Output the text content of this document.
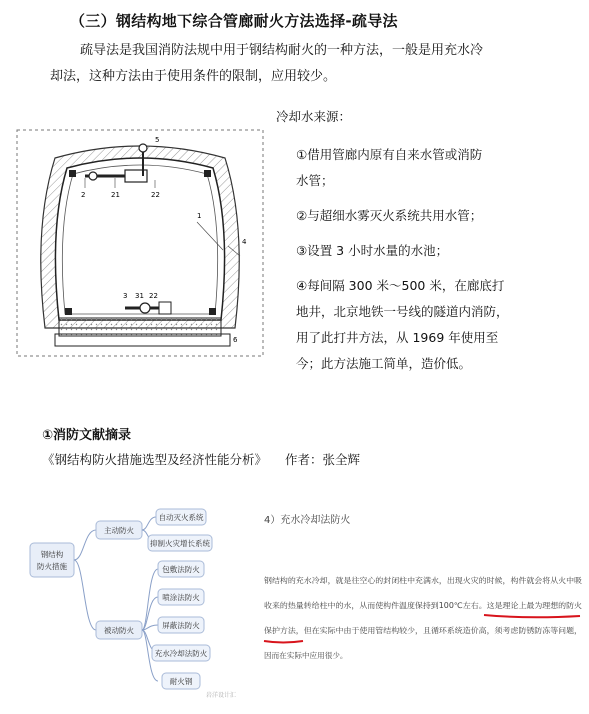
（三）钢结构地下综合管廊耐火方法选择-疏导法
疏导法是我国消防法规中用于钢结构耐火的一种方法，一般是用充水冷
却法，这种方法由于使用条件的限制，应用较少。
5
2	21	22
1
4
3 31 22
6
冷却水来源：
①借用管廊内原有自来水管或消防
水管；
②与超细水雾灭火系统共用水管；
③设置 3 小时水量的水池；
④每间隔 300 米～500 米，在廊底打
地井，北京地铁一号线的隧道内消防，
用了此打井方法，从 1969 年使用至
今；此方法施工简单，造价低。
①消防文献摘录
《钢结构防火措施选型及经济性能分析》 作者：张全辉
钢结构
防火措施
主动防火
被动防火
自动灭火系统
抑制火灾增长系统
包敷法防火
喷涂法防火
屏蔽法防火
充水冷却法防火
耐火钢
岩洋设计汇
4）充水冷却法防火
钢结构的充水冷却，就是往空心的封闭柱中充满水，出现火灾的时候，构件就会将从火中吸
收来的热量转给柱中的水，从而使构件温度保持到100℃左右。这是理论上最为理想的防火
保护方法，但在实际中由于使用管结构较少，且循环系统造价高，须考虑防锈防冻等问题，
因而在实际中应用很少。
